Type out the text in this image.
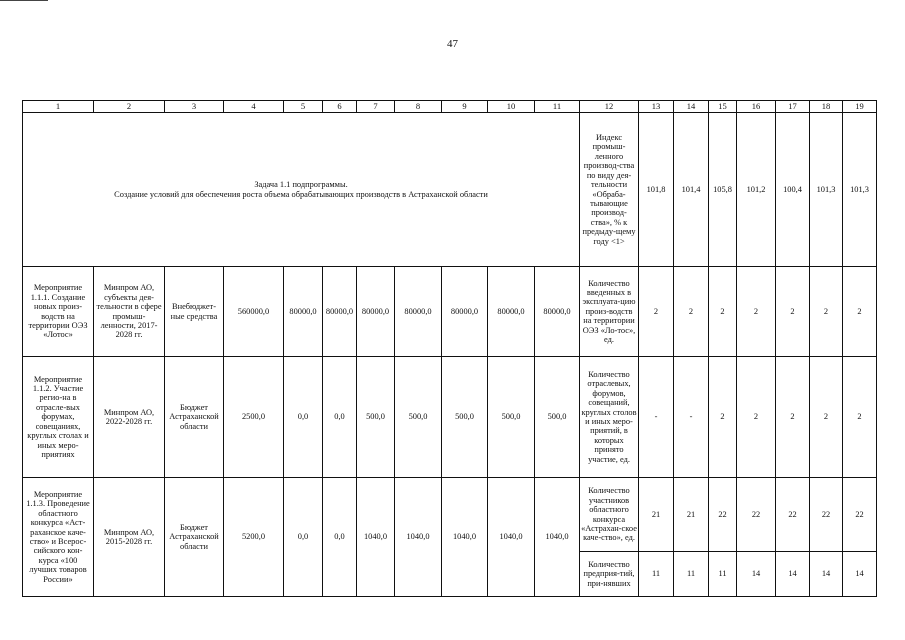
47
1	2	3	4	5	6	7	8	9	10	11	12	13	14	15	16	17	18	19

Задача 1.1 подпрограммы.
Создание условий для обеспечения роста объема обрабатывающих производств в Астраханской области											Индекс промыш-ленного производ-ства по виду дея-тельности «Обраба-тывающие производ-ства», % к предыду-щему году <1>	101,8	101,4	105,8	101,2	100,4	101,3	101,3
Мероприятие 1.1.1. Создание новых произ-водств на территории ОЭЗ «Лотос»	Минпром АО, субъекты дея-тельности в сфере промыш-ленности, 2017-2028 гг.	Внебюджет-ные средства	560000,0	80000,0	80000,0	80000,0	80000,0	80000,0	80000,0	80000,0	Количество введенных в эксплуата-цию произ-водств на территории ОЭЗ «Ло-тос», ед.	2	2	2	2	2	2	2
Мероприятие 1.1.2. Участие регио-на в отрасле-вых форумах, совещаниях, круглых столах и иных меро-приятиях	Минпром АО, 2022-2028 гг.	Бюджет Астраханской области	2500,0	0,0	0,0	500,0	500,0	500,0	500,0	500,0	Количество отраслевых, форумов, совещаний, круглых столов и иных меро-приятий, в которых принято участие, ед.	-	-	2	2	2	2	2
Мероприятие 1.1.3. Проведение областного конкурса «Аст-раханское каче-ство» и Всерос-сийского кон-курса «100 лучших товаров России»	Минпром АО, 2015-2028 гг.	Бюджет Астраханской области	5200,0	0,0	0,0	1040,0	1040,0	1040,0	1040,0	1040,0	Количество участников областного конкурса «Астрахан-ское каче-ство», ед.	21	21	22	22	22	22	22
											Количество предприя-тий, при-нявших	11	11	11	14	14	14	14
